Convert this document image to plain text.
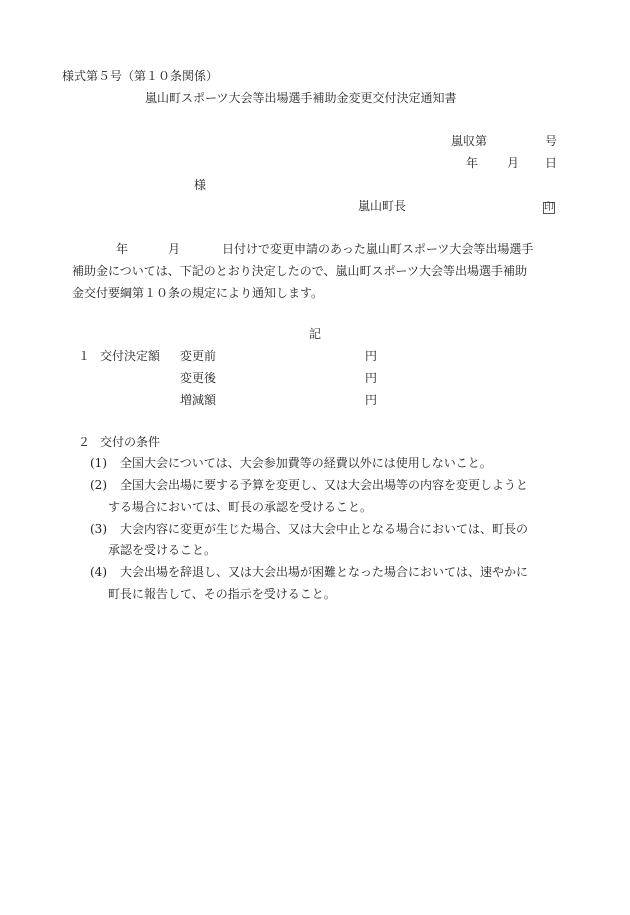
様式第５号（第１０条関係）
嵐山町スポーツ大会等出場選手補助金変更交付決定通知書
嵐収第	号
年 月 日
様
嵐山町長	印
年	月	日付けで変更申請のあった嵐山町スポーツ大会等出場選手
補助金については、下記のとおり決定したので、嵐山町スポーツ大会等出場選手補助
金交付要綱第１０条の規定により通知します。
記
１ 交付決定額 変更前	円
変更後	円
増減額	円
２ 交付の条件
(1) 全国大会については、大会参加費等の経費以外には使用しないこと。
(2) 全国大会出場に要する予算を変更し、又は大会出場等の内容を変更しようと
する場合においては、町長の承認を受けること。
(3) 大会内容に変更が生じた場合、又は大会中止となる場合においては、町長の
承認を受けること。
(4) 大会出場を辞退し、又は大会出場が困難となった場合においては、速やかに
町長に報告して、その指示を受けること。
